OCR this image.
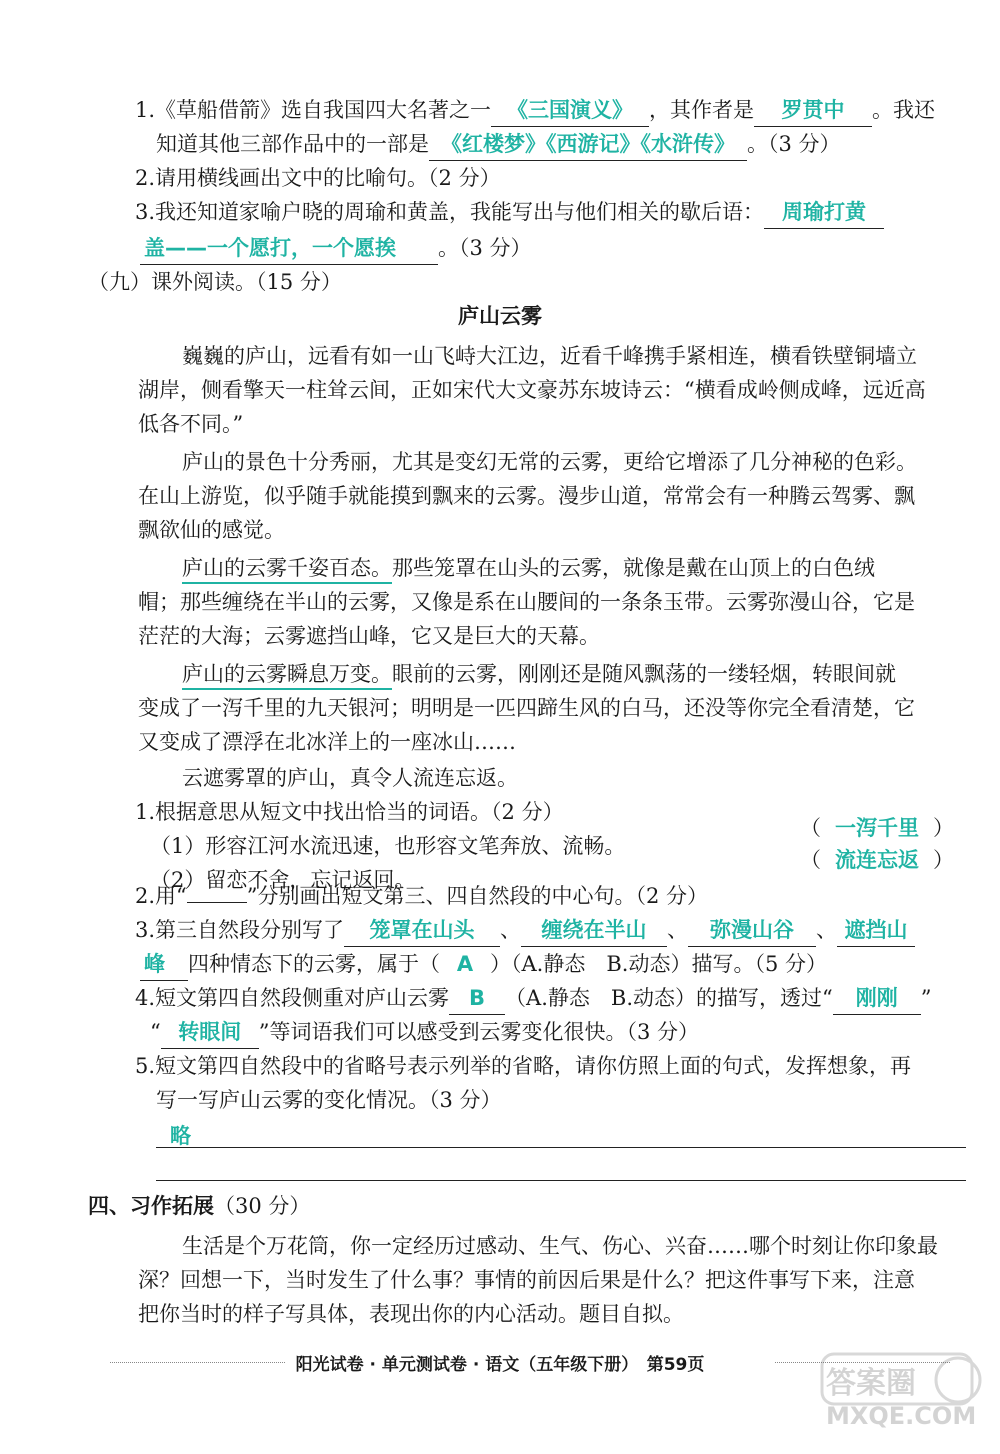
1.《草船借箭》选自我国四大名著之一 《三国演义》 ，其作者是 罗贯中 。我还
知道其他三部作品中的一部是 《红楼梦》《西游记》《水浒传》 。（3 分）
2.请用横线画出文中的比喻句。（2 分）
3.我还知道家喻户晓的周瑜和黄盖，我能写出与他们相关的歇后语： 周瑜打黄
盖——一个愿打，一个愿挨 。（3 分）
（九）课外阅读。（15 分）
庐山云雾
巍巍的庐山，远看有如一山飞峙大江边，近看千峰携手紧相连，横看铁壁铜墙立
湖岸，侧看擎天一柱耸云间，正如宋代大文豪苏东坡诗云：“横看成岭侧成峰，远近高
低各不同。”
庐山的景色十分秀丽，尤其是变幻无常的云雾，更给它增添了几分神秘的色彩。
在山上游览，似乎随手就能摸到飘来的云雾。漫步山道，常常会有一种腾云驾雾、飘
飘欲仙的感觉。
庐山的云雾千姿百态。那些笼罩在山头的云雾，就像是戴在山顶上的白色绒
帽；那些缠绕在半山的云雾，又像是系在山腰间的一条条玉带。云雾弥漫山谷，它是
茫茫的大海；云雾遮挡山峰，它又是巨大的天幕。
庐山的云雾瞬息万变。眼前的云雾，刚刚还是随风飘荡的一缕轻烟，转眼间就
变成了一泻千里的九天银河；明明是一匹四蹄生风的白马，还没等你完全看清楚，它
又变成了漂浮在北冰洋上的一座冰山……
云遮雾罩的庐山，真令人流连忘返。
1.根据意思从短文中找出恰当的词语。（2 分）
（1）形容江河水流迅速，也形容文笔奔放、流畅。
（ 一泻千里 ）
（2）留恋不舍，忘记返回。
（ 流连忘返 ）
2.用“	”分别画出短文第三、四自然段的中心句。（2 分）
3.第三自然段分别写了 笼罩在山头 、 缠绕在半山 、 弥漫山谷 、 遮挡山
峰 四种情态下的云雾，属于（ A ）（A.静态　B.动态）描写。（5 分）
4.短文第四自然段侧重对庐山云雾 B （A.静态　B.动态）的描写，透过“ 刚刚 ”
“ 转眼间 ”等词语我们可以感受到云雾变化很快。（3 分）
5.短文第四自然段中的省略号表示列举的省略，请你仿照上面的句式，发挥想象，再
写一写庐山云雾的变化情况。（3 分）
略
四、习作拓展（30 分）
生活是个万花筒，你一定经历过感动、生气、伤心、兴奋……哪个时刻让你印象最
深？回想一下，当时发生了什么事？事情的前因后果是什么？把这件事写下来，注意
把你当时的样子写具体，表现出你的内心活动。题目自拟。
阳光试卷 · 单元测试卷 · 语文（五年级下册）　第59页
答案圈
MXQE.COM
